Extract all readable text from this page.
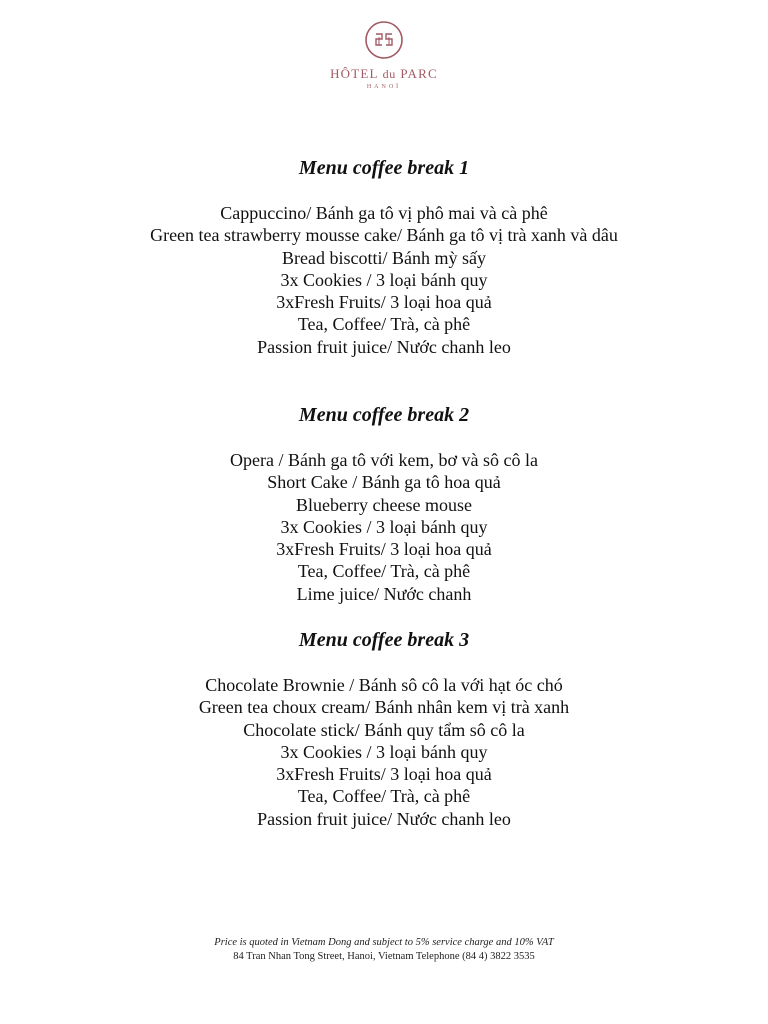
HÔTEL du PARC
HANOÏ
Menu coffee break 1
Cappuccino/ Bánh ga tô vị phô mai và cà phê
Green tea strawberry mousse cake/ Bánh ga tô vị trà xanh và dâu
Bread biscotti/ Bánh mỳ sấy
3x Cookies / 3 loại bánh quy
3xFresh Fruits/ 3 loại hoa quả
Tea, Coffee/ Trà, cà phê
Passion fruit juice/ Nước chanh leo
Menu coffee break 2
Opera / Bánh ga tô với kem, bơ và sô cô la
Short Cake / Bánh ga tô hoa quả
Blueberry cheese mouse
3x Cookies / 3 loại bánh quy
3xFresh Fruits/ 3 loại hoa quả
Tea, Coffee/ Trà, cà phê
Lime juice/ Nước chanh
Menu coffee break 3
Chocolate Brownie / Bánh sô cô la với hạt óc chó
Green tea choux cream/ Bánh nhân kem vị trà xanh
Chocolate stick/ Bánh quy tẩm sô cô la
3x Cookies / 3 loại bánh quy
3xFresh Fruits/ 3 loại hoa quả
Tea, Coffee/ Trà, cà phê
Passion fruit juice/ Nước chanh leo
Price is quoted in Vietnam Dong and subject to 5% service charge and 10% VAT
84 Tran Nhan Tong Street, Hanoi, Vietnam Telephone (84 4) 3822 3535
